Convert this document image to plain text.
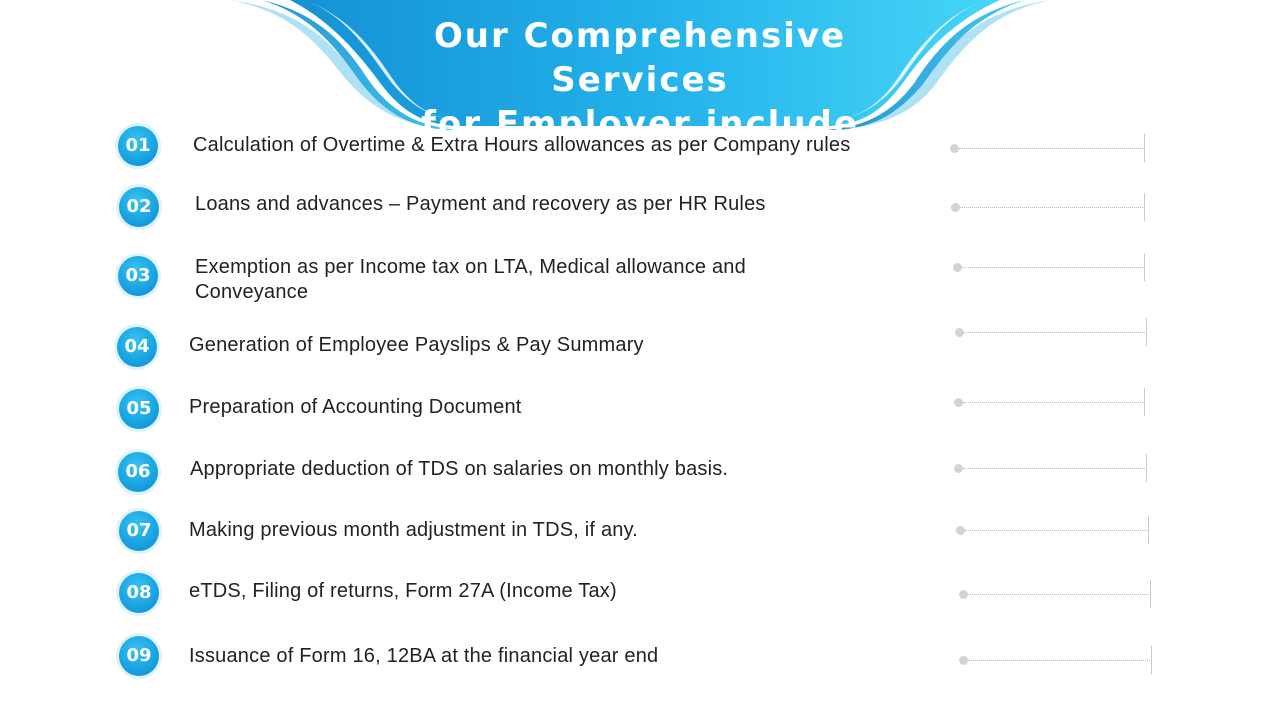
Our Comprehensive Services
for Employer include
01	Calculation of Overtime & Extra Hours allowances as per Company rules
02	Loans and advances – Payment and recovery as per HR Rules
03	Exemption as per Income tax on LTA, Medical allowance and Conveyance
04	Generation of Employee Payslips & Pay Summary
05	Preparation of Accounting Document
06	Appropriate deduction of TDS on salaries on monthly basis.
07	Making previous month adjustment in TDS, if any.
08	eTDS, Filing of returns, Form 27A (Income Tax)
09	Issuance of Form 16, 12BA at the financial year end
